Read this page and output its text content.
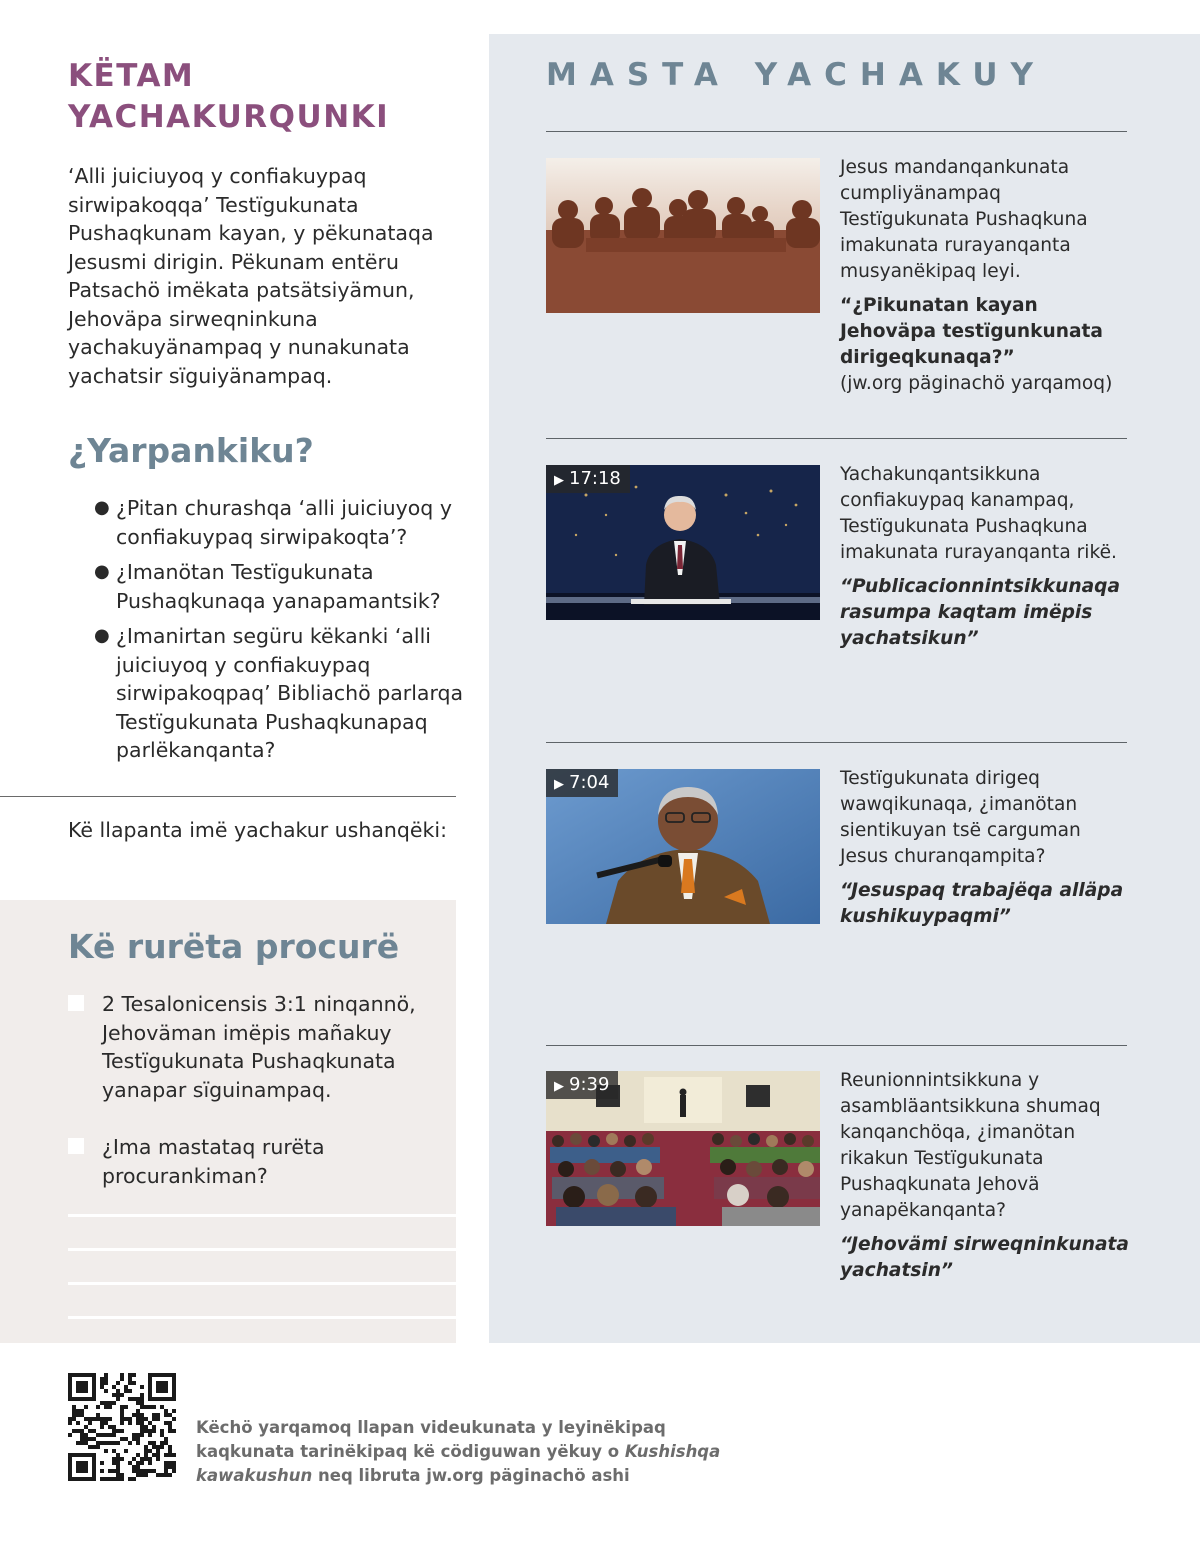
KËTAM
YACHAKURQUNKI

‘Alli juiciuyoq y confiakuypaq sirwipakoqqa’ Testïgukunata Pushaqkunam kayan, y pëkunataqa Jesusmi dirigin. Pëkunam entëru Patsachö imëkata patsätsiyämun, Jehoväpa sirweqninkuna yachakuyänampaq y nunakunata yachatsir sïguiyänampaq.

¿Yarpankiku?
● ¿Pitan churashqa ‘alli juiciuyoq y confiakuypaq sirwipakoqta’?
● ¿Imanötan Testïgukunata Pushaqkunaqa yanapamantsik?
● ¿Imanirtan següru këkanki ‘alli juiciuyoq y confiakuypaq sirwipakoqpaq’ Bibliachö parlarqa Testïgukunata Pushaqkunapaq parlëkanqanta?

Kë llapanta imë yachakur ushanqëki:

Kë rurëta procurë
2 Tesalonicensis 3:1 ninqannö, Jehoväman imëpis mañakuy Testïgukunata Pushaqkunata yanapar sïguinampaq.
¿Ima mastataq rurëta procurankiman?
MASTA YACHAKUY

Jesus mandanqankunata cumpliyänampaq Testïgukunata Pushaqkuna imakunata rurayanqanta musyanëkipaq leyi.

“¿Pikunatan kayan Jehoväpa testïgunkunata dirigeqkunaqa?”

(jw.org päginachö yarqamoq)

▶ 17:18	Yachakunqantsikkuna confiakuypaq kanampaq, Testïgukunata Pushaqkuna imakunata rurayanqanta rikë.

“Publicacionnintsikkunaqa rasumpa kaqtam imëpis yachatsikun”

▶ 7:04	Testïgukunata dirigeq wawqikunaqa, ¿imanötan sientikuyan tsë carguman Jesus churanqampita?

“Jesuspaq trabajëqa alläpa kushikuypaqmi”

▶ 9:39	Reunionnintsikkuna y asambläantsikkuna shumaq kanqanchöqa, ¿imanötan rikakun Testïgukunata Pushaqkunata Jehovä yanapëkanqanta?

“Jehovämi sirweqninkunata yachatsin”

Këchö yarqamoq llapan videukunata y leyinëkipaq kaqkunata tarinëkipaq kë cödiguwan yëkuy o Kushishqa kawakushun neq libruta jw.org päginachö ashi
